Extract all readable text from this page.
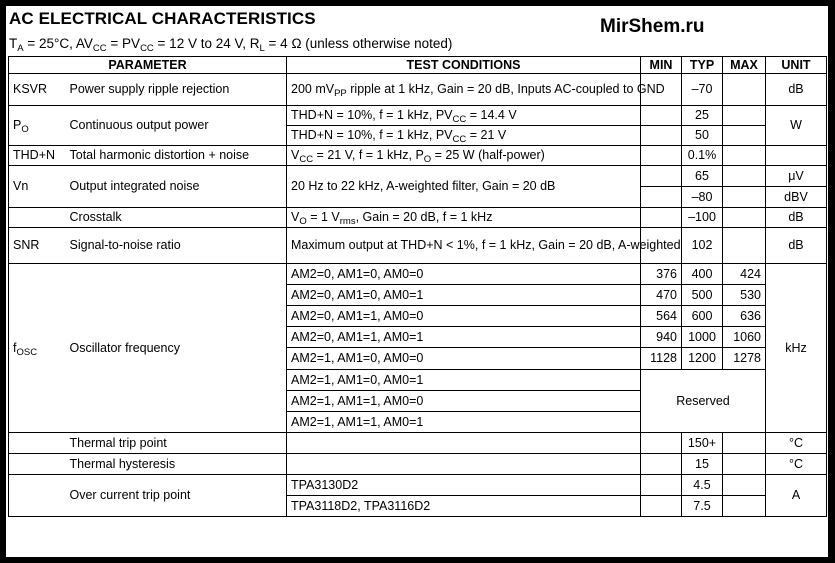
AC ELECTRICAL CHARACTERISTICS	MirShem.ru
$T_A = 25^\circ C$, $AV_{CC} = PV_{CC} = 12$ V to 24 V, $R_L = 4$ Ω (unless otherwise noted)
PARAMETER		TEST CONDITIONS	MIN	TYP	MAX	UNIT
KSVR	Power supply ripple rejection	200 $mV_{PP}$ ripple at 1 kHz, Gain = 20 dB, Inputs AC-coupled to GND		–70		dB
$P_O$	Continuous output power	THD+N = 10%, f = 1 kHz, $PV_{CC} = 14.4$ V		25		W
		THD+N = 10%, f = 1 kHz, $PV_{CC} = 21$ V		50		
THD+N	Total harmonic distortion + noise	$V_{CC} = 21$ V, f = 1 kHz, $P_O = 25$ W (half-power)		0.1%		
Vn	Output integrated noise	20 Hz to 22 kHz, A-weighted filter, Gain = 20 dB		65		μV
				–80		dBV
	Crosstalk	$V_O = 1$ $V_{rms}$, Gain = 20 dB, f = 1 kHz		–100		dB
SNR	Signal-to-noise ratio	Maximum output at THD+N < 1%, f = 1 kHz, Gain = 20 dB, A-weighted		102		dB
$f_{OSC}$	Oscillator frequency	AM2=0, AM1=0, AM0=0	376	400	424	kHz
		AM2=0, AM1=0, AM0=1	470	500	530	
		AM2=0, AM1=1, AM0=0	564	600	636	
		AM2=0, AM1=1, AM0=1	940	1000	1060	
		AM2=1, AM1=0, AM0=0	1128	1200	1278	
		AM2=1, AM1=0, AM0=1	Reserved			
		AM2=1, AM1=1, AM0=0				
		AM2=1, AM1=1, AM0=1				
	Thermal trip point			150+		°C
	Thermal hysteresis			15		°C
	Over current trip point	TPA3130D2		4.5		A
		TPA3118D2, TPA3116D2		7.5		
